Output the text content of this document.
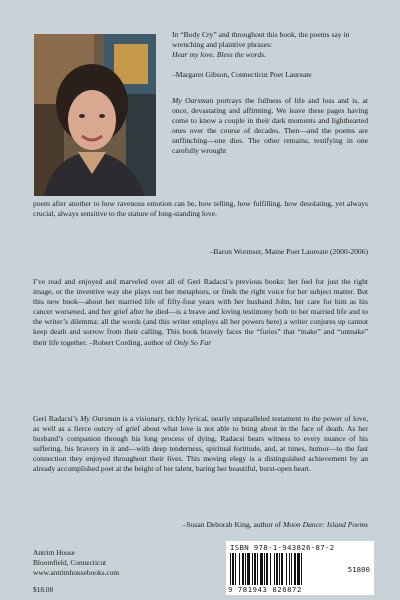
In “Body Cry” and throughout this book, the poems say in wrenching and plaintive phrases:
Hear my love. Bless the words.

–Margaret Gibson, Connecticut Poet Laureate

My Oarsman portrays the fullness of life and loss and is, at once, devastating and affirming. We leave these pages having come to know a couple in their dark moments and lighthearted ones over the course of decades. Then—and the poems are unflinching—one dies. The other remains, testifying in one carefully wrought

poem after another to how ravenous emotion can be, how telling, how fulfilling, how desolating, yet always crucial, always sensitive to the stature of long-standing love.

–Baron Wormser, Maine Poet Laureate (2000-2006)

I’ve read and enjoyed and marveled over all of Geri Radacsi’s previous books: her feel for just the right image, or the inventive way she plays out her metaphors, or finds the right voice for her subject matter. But this new book—about her married life of fifty-four years with her husband John, her care for him as his cancer worsened, and her grief after he died—is a brave and loving testimony both to her married life and to the writer’s dilemma: all the words (and this writer employs all her powers here) a writer conjures up cannot keep death and sorrow from their calling. This book bravely faces the “furies” that “make” and “unmake” their life together. –Robert Cording, author of Only So Far

Geri Radacsi’s My Oarsman is a visionary, richly lyrical, nearly unparalleled testament to the power of love, as well as a fierce outcry of grief about what love is not able to bring about in the face of death. As her husband’s companion through his long process of dying, Radacsi bears witness to every nuance of his suffering, his bravery in it and—with deep tenderness, spiritual fortitude, and, at times, humor—to the fast connection they enjoyed throughout their lives. This moving elegy is a distinguished achievement by an already accomplished poet at the height of her talent, baring her beautiful, burst-open heart.

–Susan Deborah King, author of Moon Dance: Island Poems

Antrim House
Bloomfield, Connecticut
www.antrimhousebooks.com
$18.00
ISBN 978-1-943826-87-2
9 781943 826872
51800
